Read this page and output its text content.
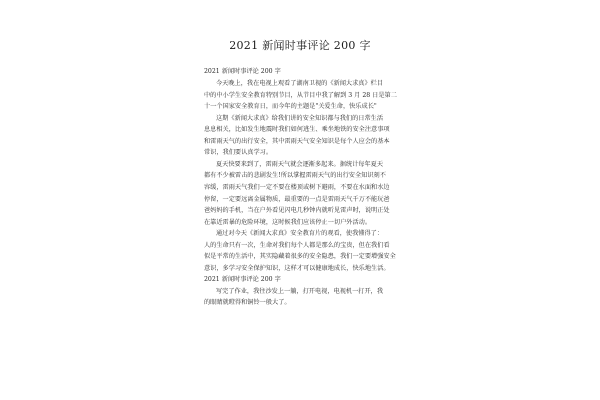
2021 新闻时事评论 200 字
2021 新闻时事评论 200 字
今天晚上，我在电视上观看了湖南卫视的《新闻大求真》栏目
中的中小学生安全教育特别节目，从节目中我了解到 3 月 28 日是第二
十一个国家安全教育日，而今年的主题是"关爱生命，快乐成长"
这期《新闻大求真》给我们讲的安全知识都与我们的日常生活
息息相关，比如发生地震时我们如何逃生、乘坐地铁的安全注意事项
和雷雨天气的出行安全，其中雷雨天气安全知识是每个人应会的基本
常识，我们要认真学习。
夏天快要来到了，雷雨天气就会逐渐多起来。据统计每年夏天
都有不少被雷击的悲剧发生!所以掌握雷雨天气的出行安全知识刻不
容缓，雷雨天气我们一定不要在楼顶或树下避雨，不要在水面和水边
停留，一定要远离金属物质，最重要的一点是雷雨天气千万不能玩爸
爸妈妈的手机，当在户外看见闪电几秒钟内就听见雷声时，说明正处
在靠近雷暴的危险环境，这时候我们应该停止一切户外活动。
通过对今天《新闻大求真》安全教育片的观看，使我懂得了：
人的生命只有一次，生命对我们每个人都是那么的宝贵，但在我们看
似是平常的生活中，其实隐藏着很多的安全隐患，我们一定要增强安全
意识，多学习安全保护知识，这样才可以健康地成长，快乐地生活。
2021 新闻时事评论 200 字
写完了作业，我往沙发上一躺，打开电视，电视机一打开，我
的眼睛就瞪得和铜铃一般大了。
